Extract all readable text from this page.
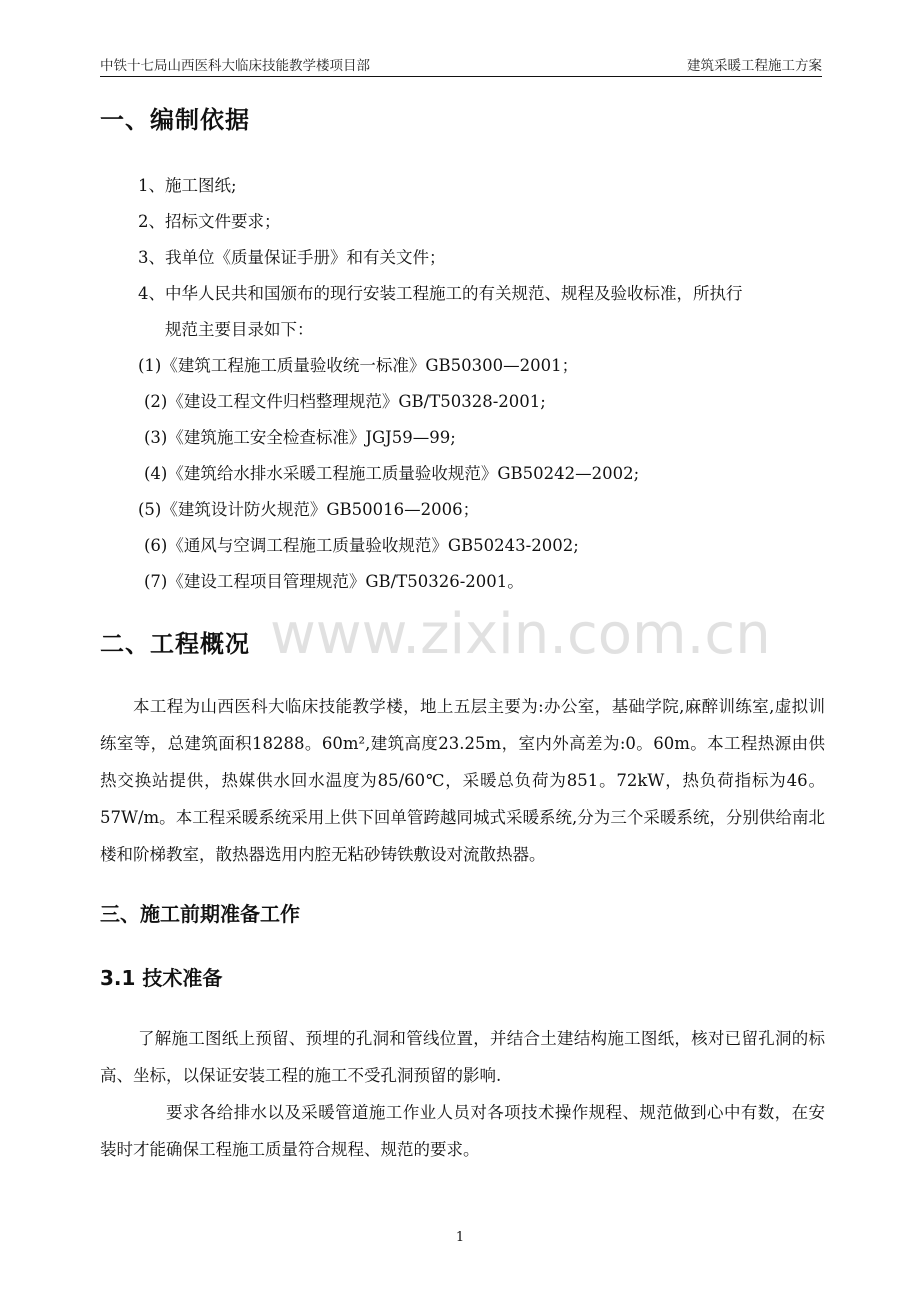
中铁十七局山西医科大临床技能教学楼项目部	建筑采暖工程施工方案
一、编制依据
1、施工图纸;
2、招标文件要求；
3、我单位《质量保证手册》和有关文件；
4、中华人民共和国颁布的现行安装工程施工的有关规范、规程及验收标准，所执行
规范主要目录如下：
(1)《建筑工程施工质量验收统一标准》GB50300—2001；
(2)《建设工程文件归档整理规范》GB/T50328-2001;
(3)《建筑施工安全检查标准》JGJ59—99;
(4)《建筑给水排水采暖工程施工质量验收规范》GB50242—2002;
(5)《建筑设计防火规范》GB50016—2006；
(6)《通风与空调工程施工质量验收规范》GB50243-2002;
(7)《建设工程项目管理规范》GB/T50326-2001。
www.zixin.com.cn
二、工程概况
本工程为山西医科大临床技能教学楼，地上五层主要为:办公室，基础学院,麻醉训练室,虚拟训练室等，总建筑面积18288。60m²,建筑高度23.25m，室内外高差为:0。60m。本工程热源由供热交换站提供，热媒供水回水温度为85/60℃，采暖总负荷为851。72kW，热负荷指标为46。57W/m。本工程采暖系统采用上供下回单管跨越同城式采暖系统,分为三个采暖系统，分别供给南北楼和阶梯教室，散热器选用内腔无粘砂铸铁敷设对流散热器。
三、施工前期准备工作
3.1 技术准备
了解施工图纸上预留、预埋的孔洞和管线位置，并结合土建结构施工图纸，核对已留孔洞的标高、坐标，以保证安装工程的施工不受孔洞预留的影响.
要求各给排水以及采暖管道施工作业人员对各项技术操作规程、规范做到心中有数，在安装时才能确保工程施工质量符合规程、规范的要求。
1
